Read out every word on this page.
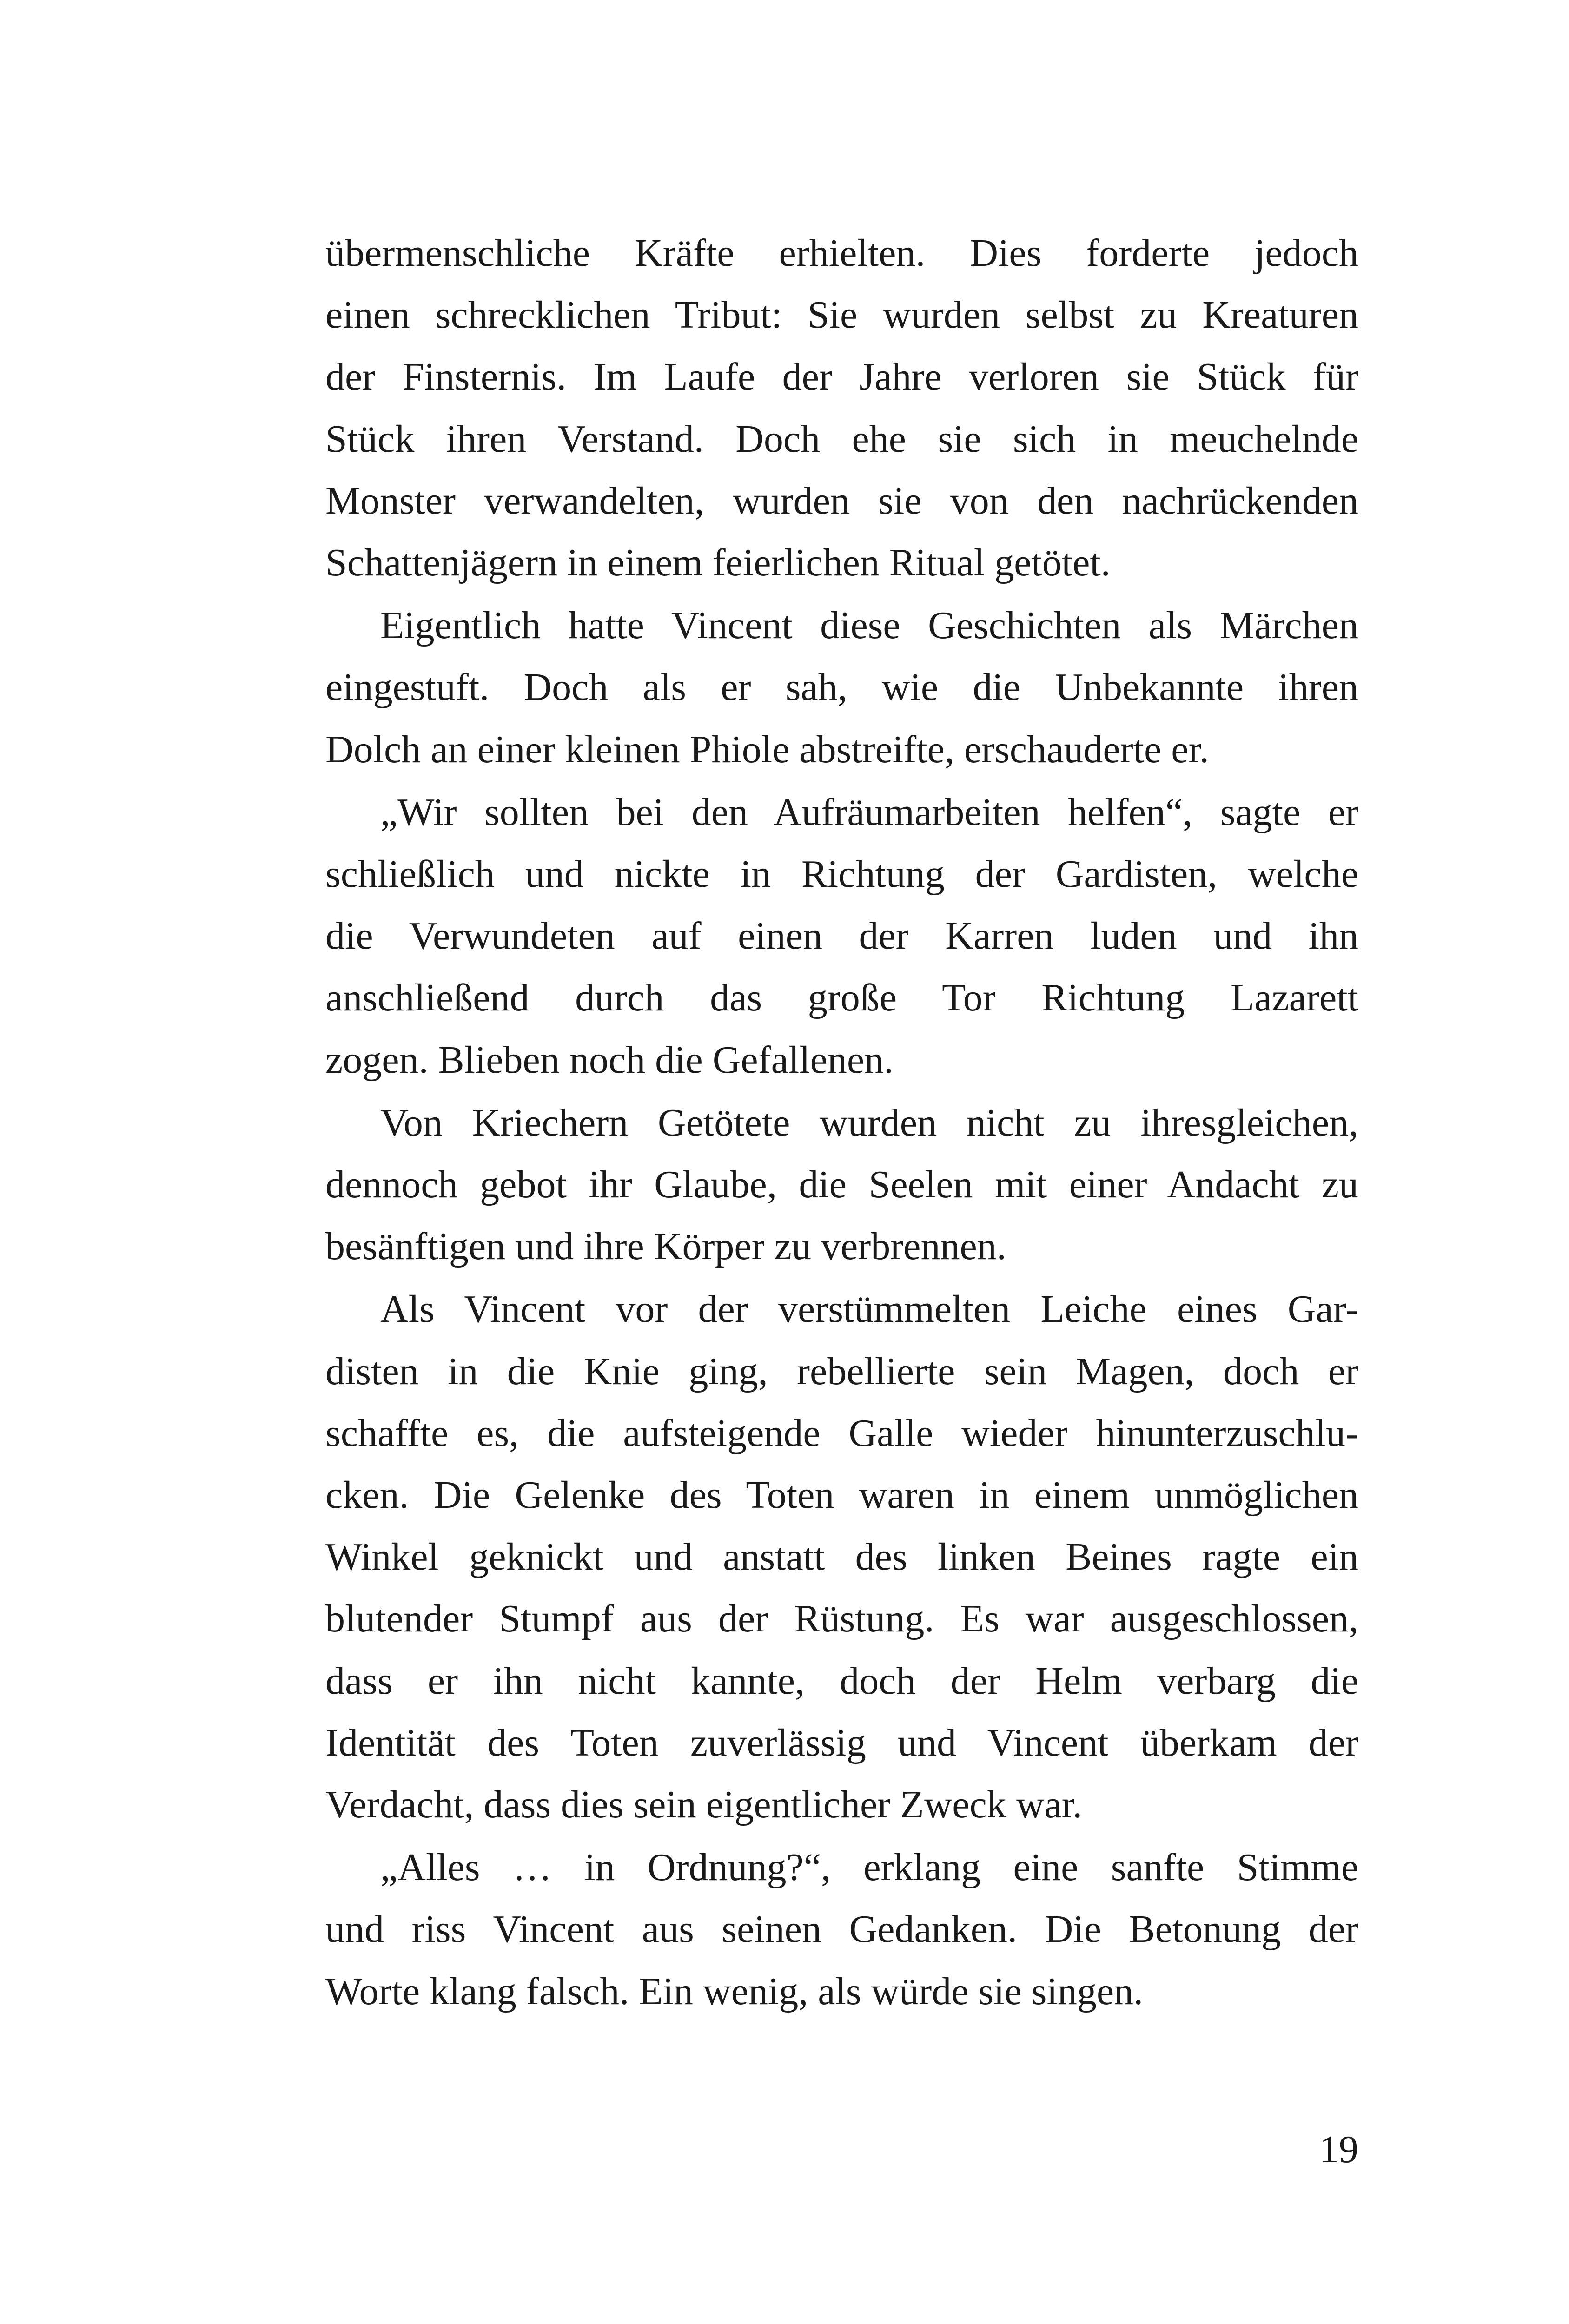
übermenschliche Kräfte erhielten. Dies forderte jedoch
einen schrecklichen Tribut: Sie wurden selbst zu Kreaturen
der Finsternis. Im Laufe der Jahre verloren sie Stück für
Stück ihren Verstand. Doch ehe sie sich in meuchelnde
Monster verwandelten, wurden sie von den nachrückenden
Schattenjägern in einem feierlichen Ritual getötet.

Eigentlich hatte Vincent diese Geschichten als Märchen
eingestuft. Doch als er sah, wie die Unbekannte ihren
Dolch an einer kleinen Phiole abstreifte, erschauderte er.

„Wir sollten bei den Aufräumarbeiten helfen“, sagte er
schließlich und nickte in Richtung der Gardisten, welche
die Verwundeten auf einen der Karren luden und ihn
anschließend durch das große Tor Richtung Lazarett
zogen. Blieben noch die Gefallenen.

Von Kriechern Getötete wurden nicht zu ihresgleichen,
dennoch gebot ihr Glaube, die Seelen mit einer Andacht zu
besänftigen und ihre Körper zu verbrennen.

Als Vincent vor der verstümmelten Leiche eines Gar-
disten in die Knie ging, rebellierte sein Magen, doch er
schaffte es, die aufsteigende Galle wieder hinunterzuschlu-
cken. Die Gelenke des Toten waren in einem unmöglichen
Winkel geknickt und anstatt des linken Beines ragte ein
blutender Stumpf aus der Rüstung. Es war ausgeschlossen,
dass er ihn nicht kannte, doch der Helm verbarg die
Identität des Toten zuverlässig und Vincent überkam der
Verdacht, dass dies sein eigentlicher Zweck war.

„Alles … in Ordnung?“, erklang eine sanfte Stimme
und riss Vincent aus seinen Gedanken. Die Betonung der
Worte klang falsch. Ein wenig, als würde sie singen.

19
